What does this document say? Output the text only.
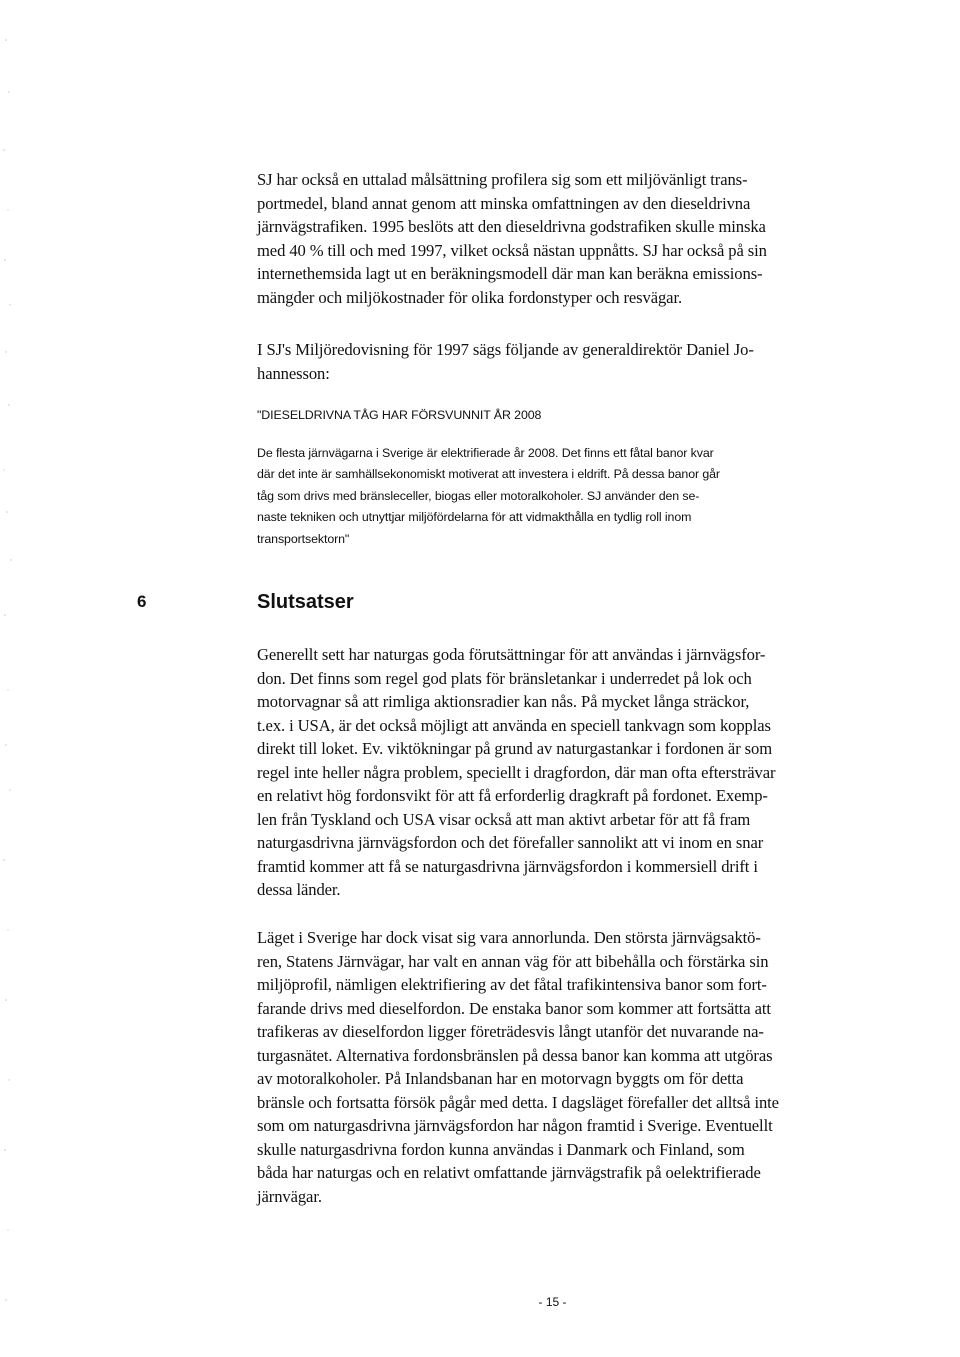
SJ har också en uttalad målsättning profilera sig som ett miljövänligt trans-
portmedel, bland annat genom att minska omfattningen av den dieseldrivna
järnvägstrafiken. 1995 beslöts att den dieseldrivna godstrafiken skulle minska
med 40 % till och med 1997, vilket också nästan uppnåtts. SJ har också på sin
internethemsida lagt ut en beräkningsmodell där man kan beräkna emissions-
mängder och miljökostnader för olika fordonstyper och resvägar.

I SJ's Miljöredovisning för 1997 sägs följande av generaldirektör Daniel Jo-
hannesson:

"DIESELDRIVNA TÅG HAR FÖRSVUNNIT ÅR 2008

De flesta järnvägarna i Sverige är elektrifierade år 2008. Det finns ett fåtal banor kvar
där det inte är samhällsekonomiskt motiverat att investera i eldrift. På dessa banor går
tåg som drivs med bränsleceller, biogas eller motoralkoholer. SJ använder den se-
naste tekniken och utnyttjar miljöfördelarna för att vidmakthålla en tydlig roll inom
transportsektorn"

6	Slutsatser

Generellt sett har naturgas goda förutsättningar för att användas i järnvägsfor-
don. Det finns som regel god plats för bränsletankar i underredet på lok och
motorvagnar så att rimliga aktionsradier kan nås. På mycket långa sträckor,
t.ex. i USA, är det också möjligt att använda en speciell tankvagn som kopplas
direkt till loket. Ev. viktökningar på grund av naturgastankar i fordonen är som
regel inte heller några problem, speciellt i dragfordon, där man ofta eftersträvar
en relativt hög fordonsvikt för att få erforderlig dragkraft på fordonet. Exemp-
len från Tyskland och USA visar också att man aktivt arbetar för att få fram
naturgasdrivna järnvägsfordon och det förefaller sannolikt att vi inom en snar
framtid kommer att få se naturgasdrivna järnvägsfordon i kommersiell drift i
dessa länder.

Läget i Sverige har dock visat sig vara annorlunda. Den största järnvägsaktö-
ren, Statens Järnvägar, har valt en annan väg för att bibehålla och förstärka sin
miljöprofil, nämligen elektrifiering av det fåtal trafikintensiva banor som fort-
farande drivs med dieselfordon. De enstaka banor som kommer att fortsätta att
trafikeras av dieselfordon ligger företrädesvis långt utanför det nuvarande na-
turgasnätet. Alternativa fordonsbränslen på dessa banor kan komma att utgöras
av motoralkoholer. På Inlandsbanan har en motorvagn byggts om för detta
bränsle och fortsatta försök pågår med detta. I dagsläget förefaller det alltså inte
som om naturgasdrivna järnvägsfordon har någon framtid i Sverige. Eventuellt
skulle naturgasdrivna fordon kunna användas i Danmark och Finland, som
båda har naturgas och en relativt omfattande järnvägstrafik på oelektrifierade
järnvägar.

- 15 -
